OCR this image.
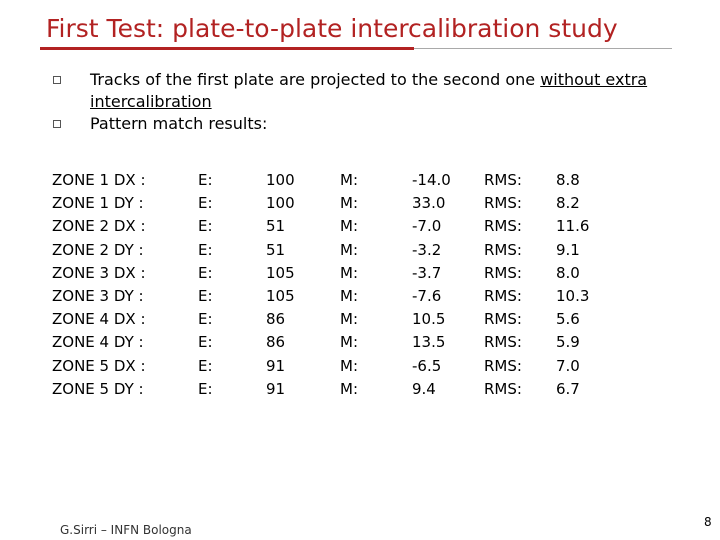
First Test: plate-to-plate intercalibration study
Tracks of the first plate are projected to the second one without extra intercalibration
Pattern match results:
ZONE 1 DX :	E:	100	M:	-14.0 RMS: 8.8
ZONE 1 DY :	E:	100	M:	33.0	RMS: 8.2
ZONE 2 DX :	E:	51	M:	-7.0	RMS: 11.6
ZONE 2 DY :	E:	51	M:	-3.2	RMS: 9.1
ZONE 3 DX :	E:	105	M:	-3.7	RMS: 8.0
ZONE 3 DY :	E:	105	M:	-7.6	RMS: 10.3
ZONE 4 DX :	E:	86	M:	10.5	RMS: 5.6
ZONE 4 DY :	E:	86	M:	13.5	RMS: 5.9
ZONE 5 DX :	E:	91	M:	-6.5	RMS: 7.0
ZONE 5 DY :	E:	91	M:	9.4	RMS: 6.7
G.Sirri – INFN Bologna
8
